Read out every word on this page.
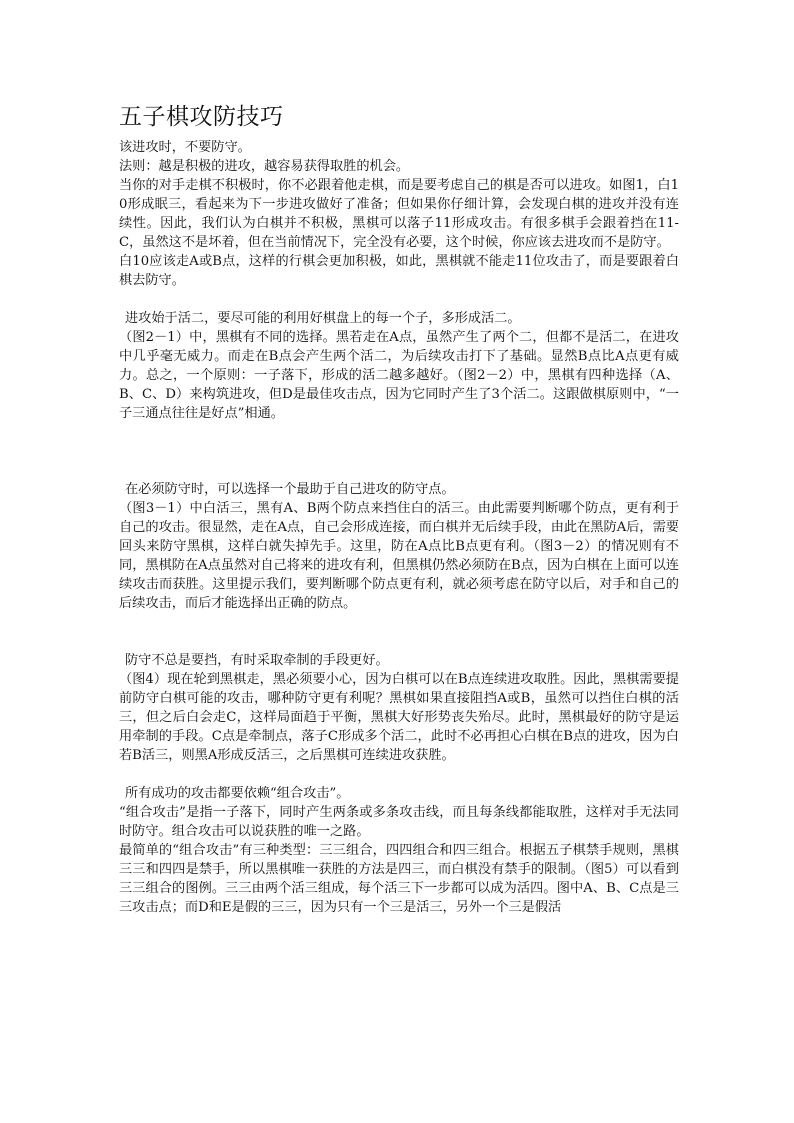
五子棋攻防技巧

该进攻时，不要防守。

法则：越是积极的进攻，越容易获得取胜的机会。

当你的对手走棋不积极时，你不必跟着他走棋，而是要考虑自己的棋是否可以进攻。如图1，白10形成眠三，看起来为下一步进攻做好了准备；但如果你仔细计算，会发现白棋的进攻并没有连续性。因此，我们认为白棋并不积极，黑棋可以落子11形成攻击。有很多棋手会跟着挡在11-C，虽然这不是坏着，但在当前情况下，完全没有必要，这个时候，你应该去进攻而不是防守。

白10应该走A或B点，这样的行棋会更加积极，如此，黑棋就不能走11位攻击了，而是要跟着白棋去防守。

进攻始于活二，要尽可能的利用好棋盘上的每一个子，多形成活二。

（图2－1）中，黑棋有不同的选择。黑若走在A点，虽然产生了两个二，但都不是活二，在进攻中几乎毫无威力。而走在B点会产生两个活二，为后续攻击打下了基础。显然B点比A点更有威力。总之，一个原则：一子落下，形成的活二越多越好。（图2－2）中，黑棋有四种选择（A、B、C、D）来构筑进攻，但D是最佳攻击点，因为它同时产生了3个活二。这跟做棋原则中，“一子三通点往往是好点”相通。

在必须防守时，可以选择一个最助于自己进攻的防守点。

（图3－1）中白活三，黑有A、B两个防点来挡住白的活三。由此需要判断哪个防点，更有利于自己的攻击。很显然，走在A点，自己会形成连接，而白棋并无后续手段，由此在黑防A后，需要回头来防守黑棋，这样白就失掉先手。这里，防在A点比B点更有利。（图3－2）的情况则有不同，黑棋防在A点虽然对自己将来的进攻有利，但黑棋仍然必须防在B点，因为白棋在上面可以连续攻击而获胜。这里提示我们，要判断哪个防点更有利，就必须考虑在防守以后，对手和自己的后续攻击，而后才能选择出正确的防点。

防守不总是要挡，有时采取牵制的手段更好。

（图4）现在轮到黑棋走，黑必须要小心，因为白棋可以在B点连续进攻取胜。因此，黑棋需要提前防守白棋可能的攻击，哪种防守更有利呢？黑棋如果直接阻挡A或B，虽然可以挡住白棋的活三，但之后白会走C，这样局面趋于平衡，黑棋大好形势丧失殆尽。此时，黑棋最好的防守是运用牵制的手段。C点是牵制点，落子C形成多个活二，此时不必再担心白棋在B点的进攻，因为白若B活三，则黑A形成反活三，之后黑棋可连续进攻获胜。

所有成功的攻击都要依赖“组合攻击”。

“组合攻击”是指一子落下，同时产生两条或多条攻击线，而且每条线都能取胜，这样对手无法同时防守。组合攻击可以说获胜的唯一之路。

最简单的“组合攻击”有三种类型：三三组合，四四组合和四三组合。根据五子棋禁手规则，黑棋三三和四四是禁手，所以黑棋唯一获胜的方法是四三，而白棋没有禁手的限制。（图5）可以看到三三组合的图例。三三由两个活三组成，每个活三下一步都可以成为活四。图中A、B、C点是三三攻击点；而D和E是假的三三，因为只有一个三是活三，另外一个三是假活
